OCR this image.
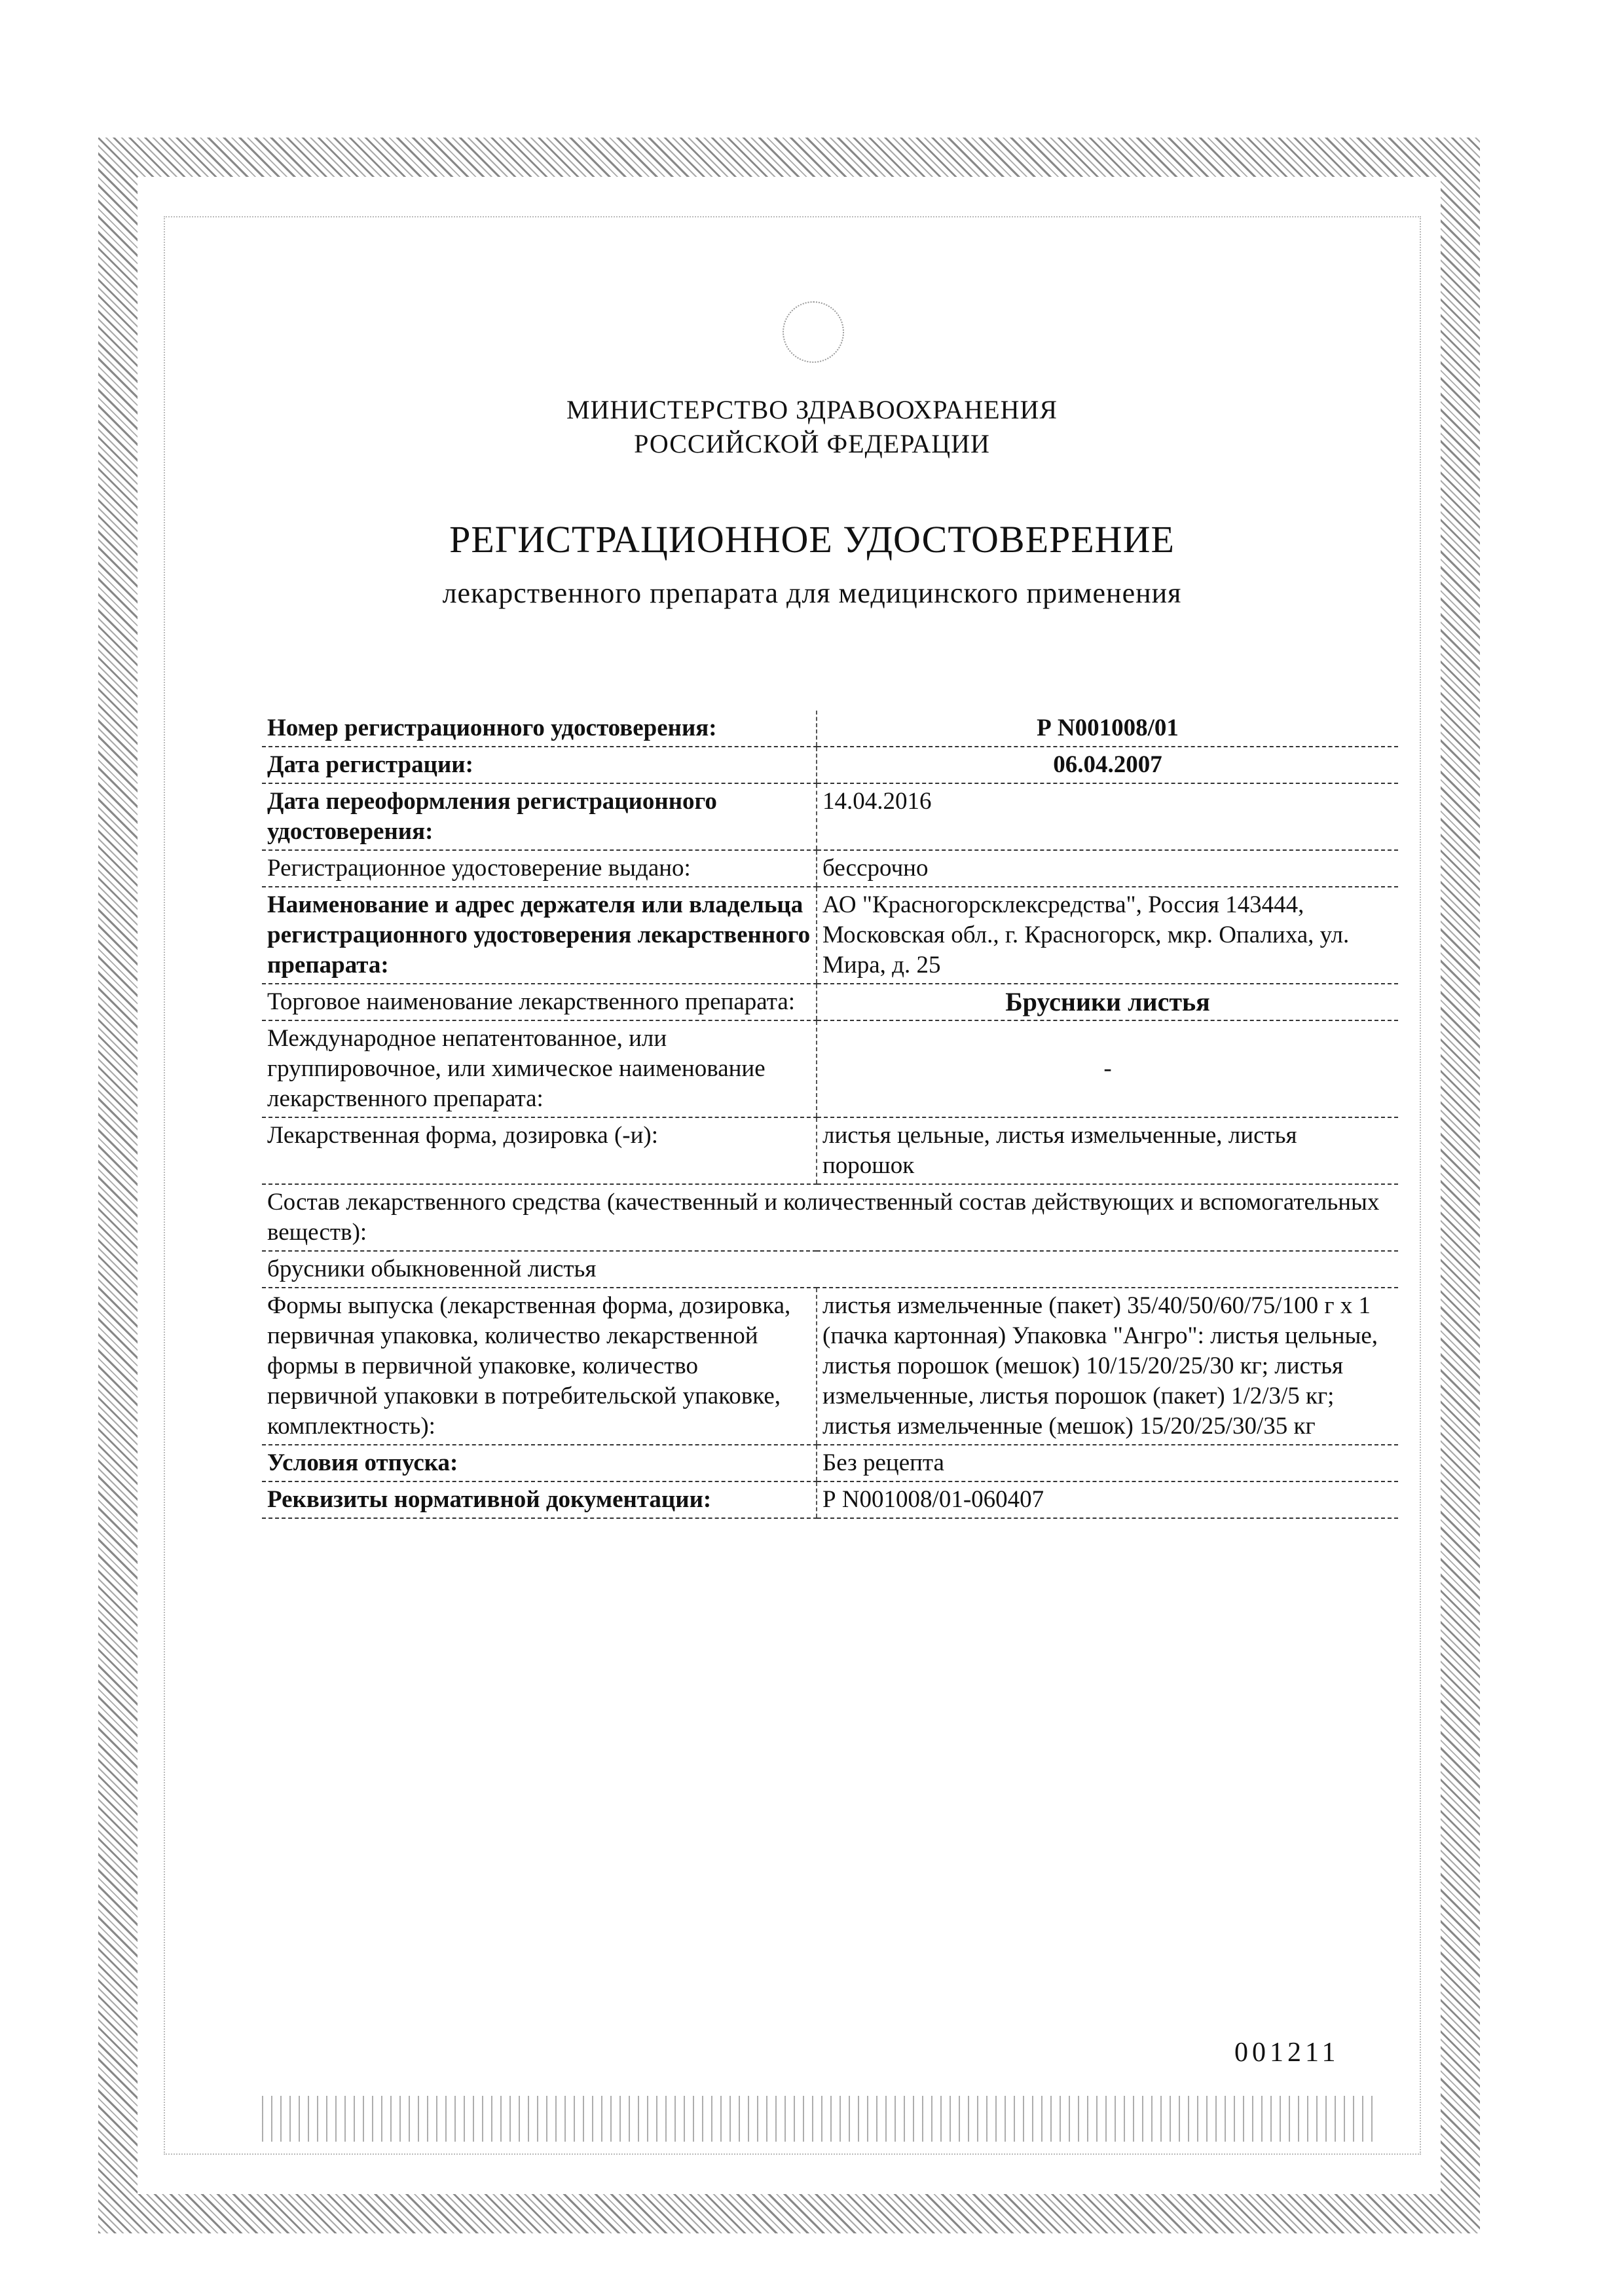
МИНИСТЕРСТВО ЗДРАВООХРАНЕНИЯ
РОССИЙСКОЙ ФЕДЕРАЦИИ
РЕГИСТРАЦИОННОЕ УДОСТОВЕРЕНИЕ
лекарственного препарата для медицинского применения
Номер регистрационного удостоверения:	Р N001008/01
Дата регистрации:	06.04.2007
Дата переоформления регистрационного удостоверения:	14.04.2016
Регистрационное удостоверение выдано:	бессрочно
Наименование и адрес держателя или владельца регистрационного удостоверения лекарственного препарата:	АО "Красногорсклексредства", Россия 143444, Московская обл., г. Красногорск, мкр. Опалиха, ул. Мира, д. 25
Торговое наименование лекарственного препарата:	Брусники листья
Международное непатентованное, или группировочное, или химическое наименование лекарственного препарата:	-
Лекарственная форма, дозировка (-и):	листья цельные, листья измельченные, листья порошок
Состав лекарственного средства (качественный и количественный состав действующих и вспомогательных веществ):	
брусники обыкновенной листья	
Формы выпуска (лекарственная форма, дозировка, первичная упаковка, количество лекарственной формы в первичной упаковке, количество первичной упаковки в потребительской упаковке, комплектность):	листья измельченные (пакет) 35/40/50/60/75/100 г х 1 (пачка картонная) Упаковка "Ангро": листья цельные, листья порошок (мешок) 10/15/20/25/30 кг; листья измельченные, листья порошок (пакет) 1/2/3/5 кг; листья измельченные (мешок) 15/20/25/30/35 кг
Условия отпуска:	Без рецепта
Реквизиты нормативной документации:	Р N001008/01-060407
001211
